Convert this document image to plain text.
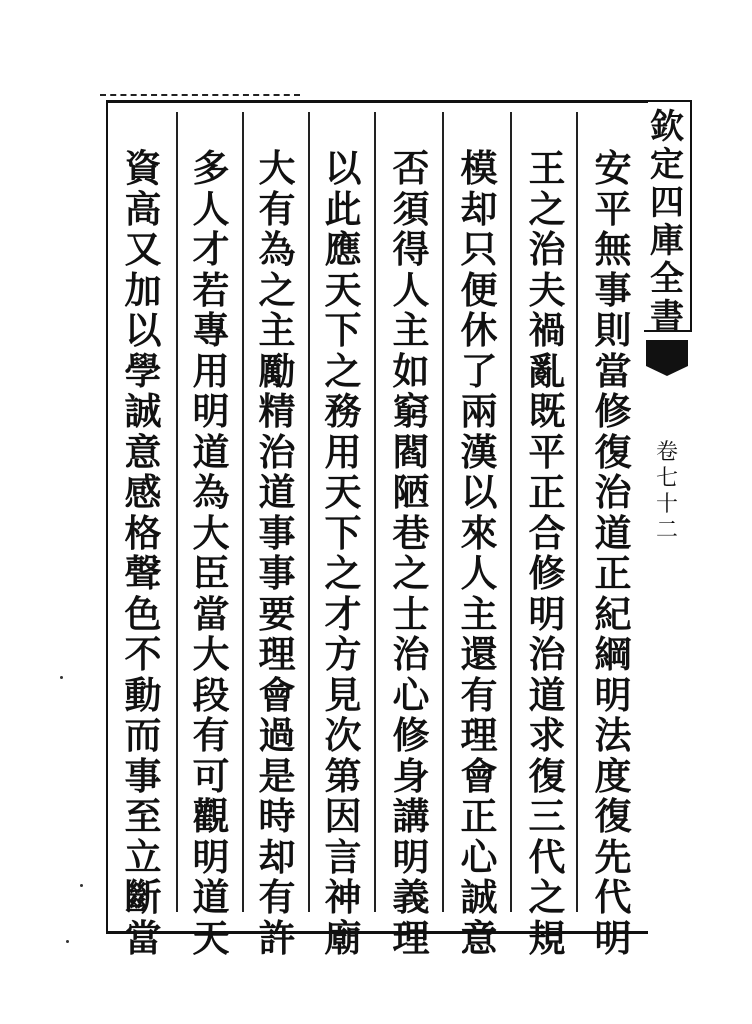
欽
定
四
庫
全
書
卷
七
十
二
安
平
無
事
則
當
修
復
治
道
正
紀
綱
明
法
度
復
先
代
明
王
之
治
夫
禍
亂
既
平
正
合
修
明
治
道
求
復
三
代
之
規
模
却
只
便
休
了
兩
漢
以
來
人
主
還
有
理
會
正
心
誠
意
否
須
得
人
主
如
窮
閻
陋
巷
之
士
治
心
修
身
講
明
義
理
以
此
應
天
下
之
務
用
天
下
之
才
方
見
次
第
因
言
神
廟
大
有
為
之
主
勵
精
治
道
事
事
要
理
會
過
是
時
却
有
許
多
人
才
若
專
用
明
道
為
大
臣
當
大
段
有
可
觀
明
道
天
資
高
又
加
以
學
誠
意
感
格
聲
色
不
動
而
事
至
立
斷
當
